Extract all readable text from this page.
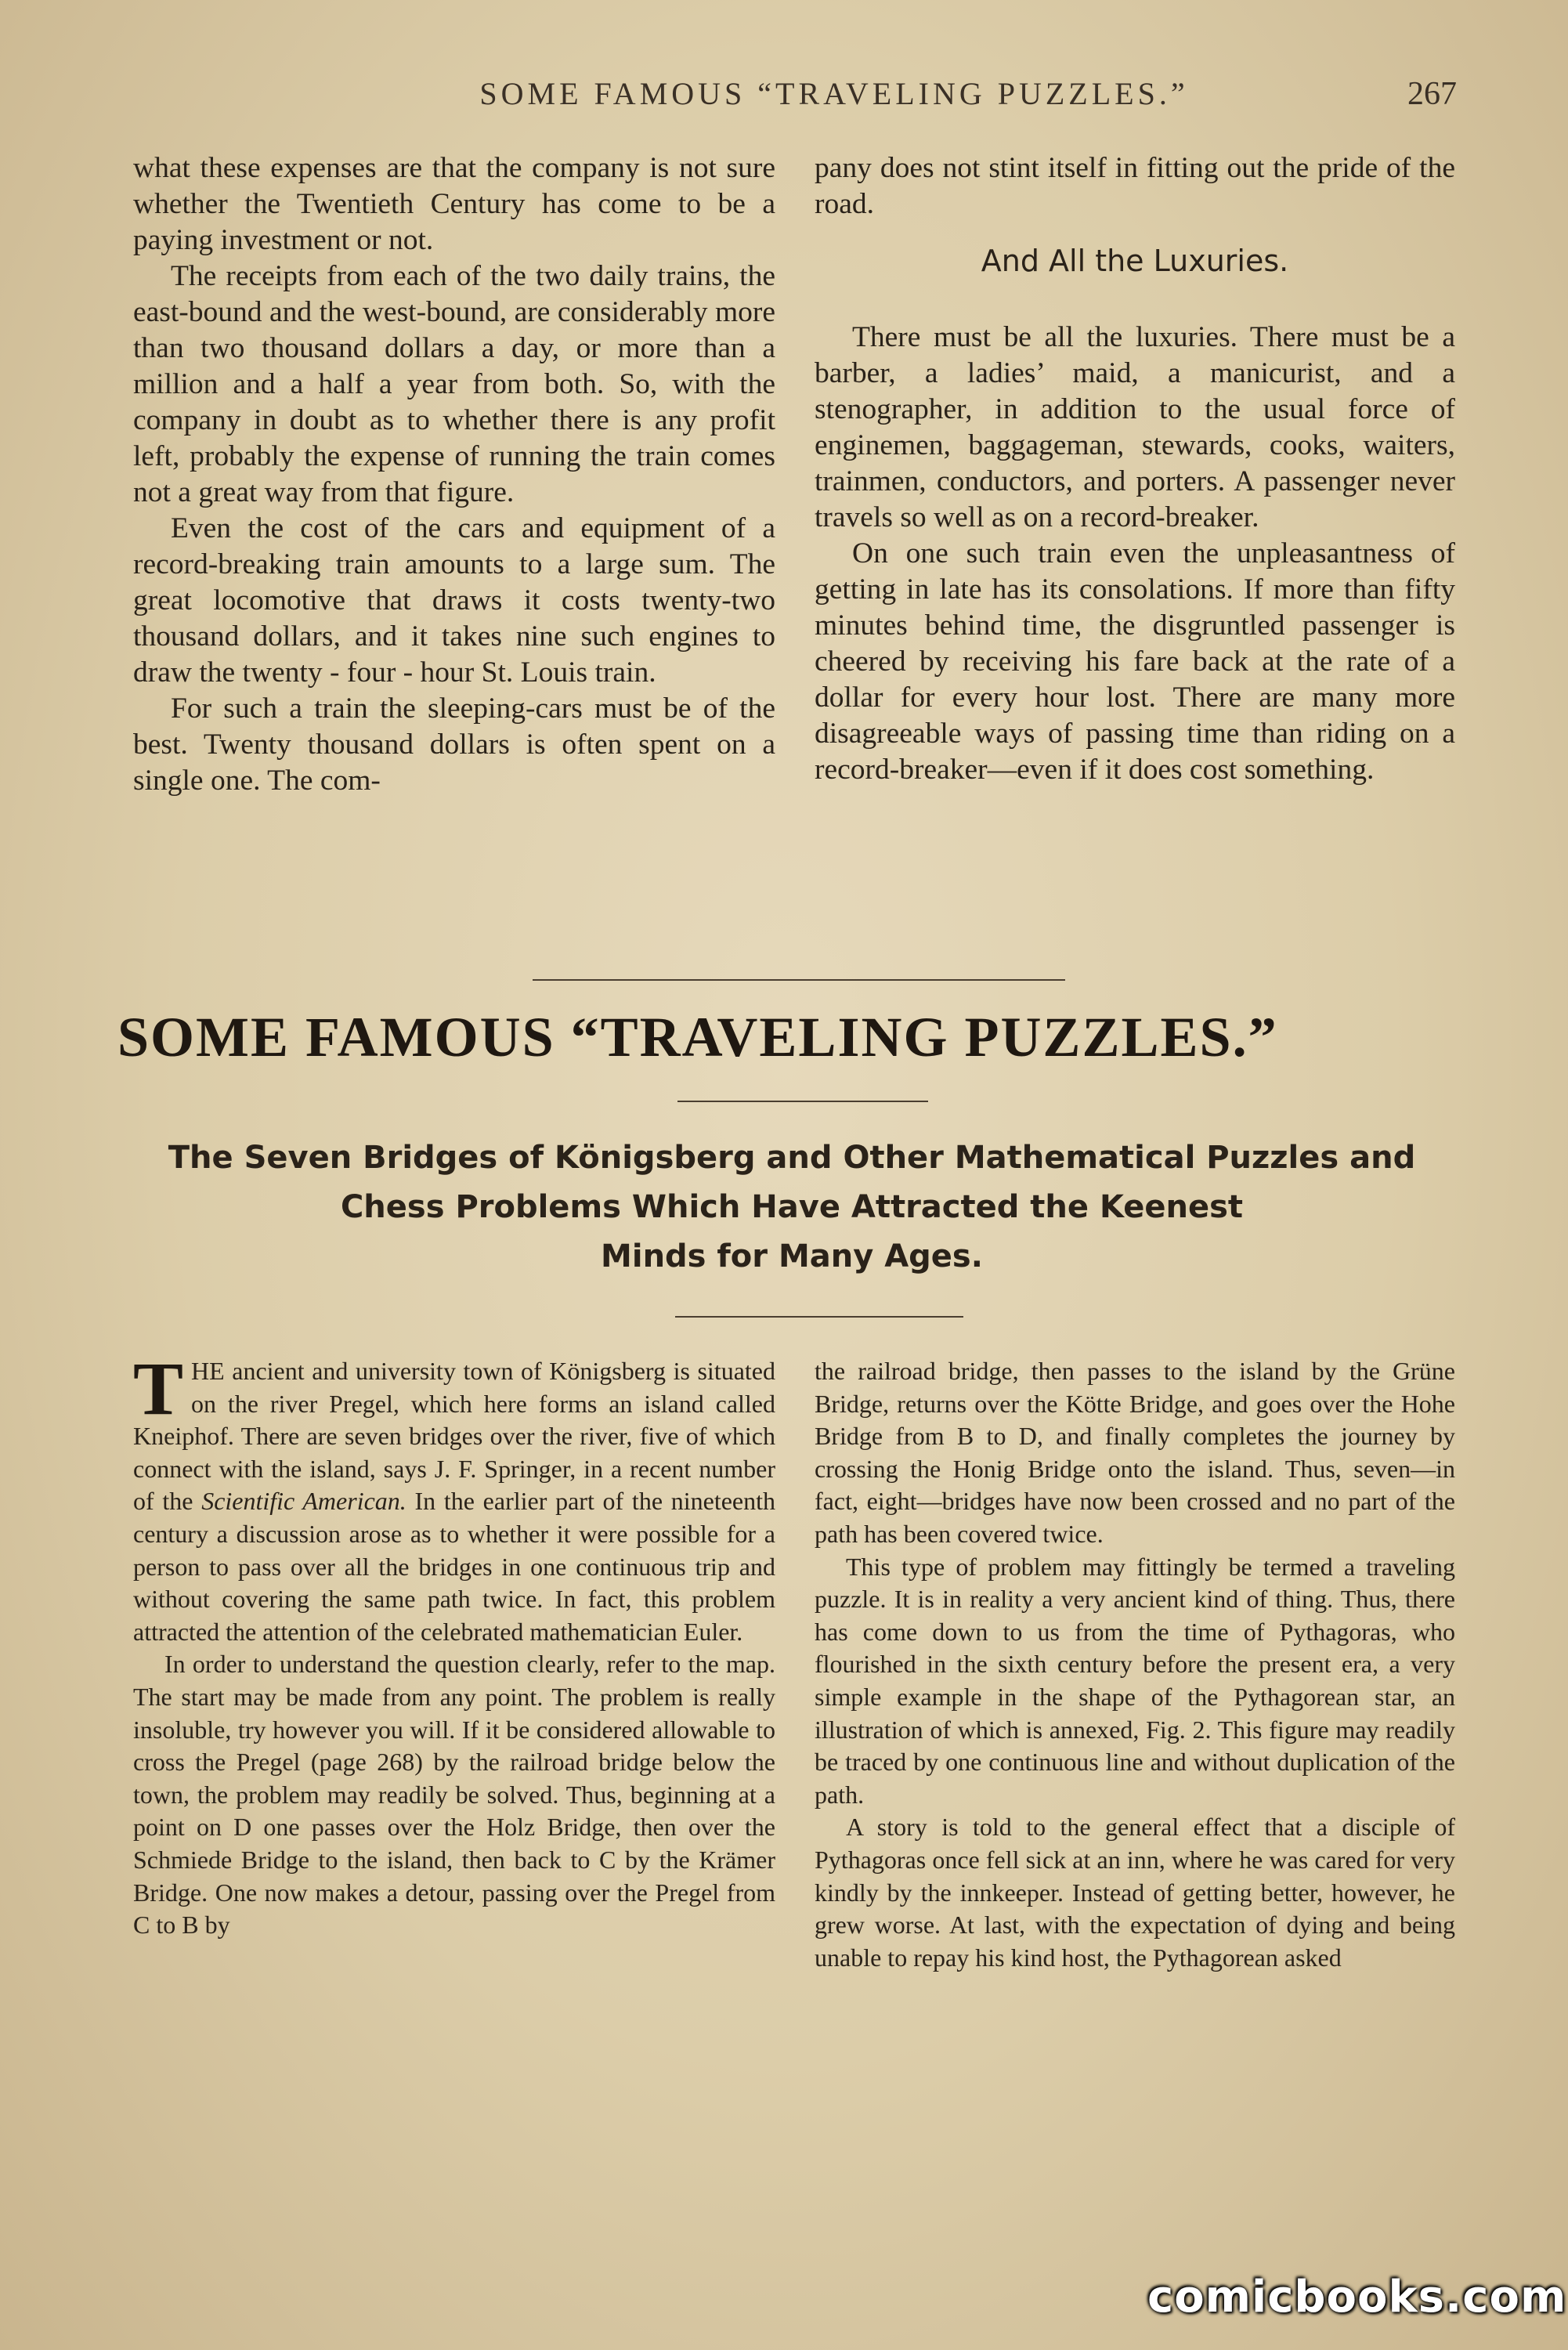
SOME FAMOUS “TRAVELING PUZZLES.”	267

what these expenses are that the company is not sure whether the Twentieth Century has come to be a paying investment or not.

The receipts from each of the two daily trains, the east-bound and the west-bound, are considerably more than two thousand dollars a day, or more than a million and a half a year from both. So, with the company in doubt as to whether there is any profit left, probably the expense of running the train comes not a great way from that figure.

Even the cost of the cars and equipment of a record-breaking train amounts to a large sum. The great locomotive that draws it costs twenty-two thousand dollars, and it takes nine such engines to draw the twenty - four - hour St. Louis train.

For such a train the sleeping-cars must be of the best. Twenty thousand dollars is often spent on a single one. The com-

pany does not stint itself in fitting out the pride of the road.

And All the Luxuries.

There must be all the luxuries. There must be a barber, a ladies’ maid, a manicurist, and a stenographer, in addition to the usual force of enginemen, baggageman, stewards, cooks, waiters, trainmen, conductors, and porters. A passenger never travels so well as on a record-breaker.

On one such train even the unpleasantness of getting in late has its consolations. If more than fifty minutes behind time, the disgruntled passenger is cheered by receiving his fare back at the rate of a dollar for every hour lost. There are many more disagreeable ways of passing time than riding on a record-breaker—even if it does cost something.

SOME FAMOUS “TRAVELING PUZZLES.”
The Seven Bridges of Königsberg and Other Mathematical Puzzles and
Chess Problems Which Have Attracted the Keenest
Minds for Many Ages.

THE ancient and university town of Königsberg is situated on the river Pregel, which here forms an island called Kneiphof. There are seven bridges over the river, five of which connect with the island, says J. F. Springer, in a recent number of the Scientific American. In the earlier part of the nineteenth century a discussion arose as to whether it were possible for a person to pass over all the bridges in one continuous trip and without covering the same path twice. In fact, this problem attracted the attention of the celebrated mathematician Euler.

In order to understand the question clearly, refer to the map. The start may be made from any point. The problem is really insoluble, try however you will. If it be considered allowable to cross the Pregel (page 268) by the railroad bridge below the town, the problem may readily be solved. Thus, beginning at a point on D one passes over the Holz Bridge, then over the Schmiede Bridge to the island, then back to C by the Krämer Bridge. One now makes a detour, passing over the Pregel from C to B by

the railroad bridge, then passes to the island by the Grüne Bridge, returns over the Kötte Bridge, and goes over the Hohe Bridge from B to D, and finally completes the journey by crossing the Honig Bridge onto the island. Thus, seven—in fact, eight—bridges have now been crossed and no part of the path has been covered twice.

This type of problem may fittingly be termed a traveling puzzle. It is in reality a very ancient kind of thing. Thus, there has come down to us from the time of Pythagoras, who flourished in the sixth century before the present era, a very simple example in the shape of the Pythagorean star, an illustration of which is annexed, Fig. 2. This figure may readily be traced by one continuous line and without duplication of the path.

A story is told to the general effect that a disciple of Pythagoras once fell sick at an inn, where he was cared for very kindly by the innkeeper. Instead of getting better, however, he grew worse. At last, with the expectation of dying and being unable to repay his kind host, the Pythagorean asked

comicbooks.com
